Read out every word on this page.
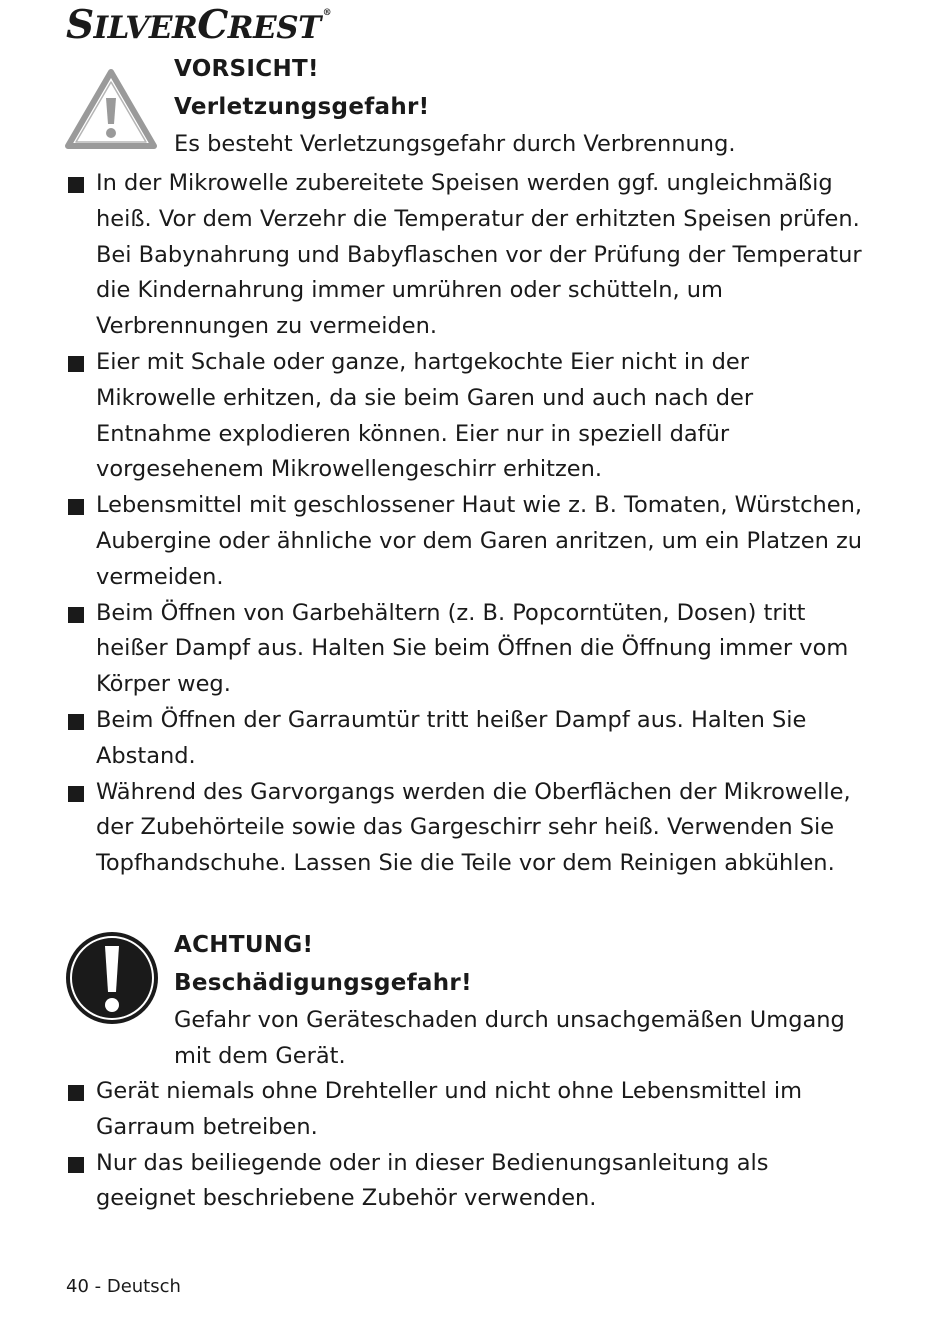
SILVERCREST ®
VORSICHT!
Verletzungsgefahr!
Es besteht Verletzungsgefahr durch Verbrennung.
In der Mikrowelle zubereitete Speisen werden ggf. ungleichmäßig heiß. Vor dem Verzehr die Temperatur der erhitzten Speisen prüfen. Bei Babynahrung und Babyflaschen vor der Prüfung der Temperatur die Kindernahrung immer umrühren oder schütteln, um Verbrennungen zu vermeiden.
Eier mit Schale oder ganze, hartgekochte Eier nicht in der Mikrowelle erhitzen, da sie beim Garen und auch nach der Entnahme explodieren können. Eier nur in speziell dafür vorgesehenem Mikrowellengeschirr erhitzen.
Lebensmittel mit geschlossener Haut wie z. B. Tomaten, Würstchen, Aubergine oder ähnliche vor dem Garen anritzen, um ein Platzen zu vermeiden.
Beim Öffnen von Garbehältern (z. B. Popcorntüten, Dosen) tritt heißer Dampf aus. Halten Sie beim Öffnen die Öffnung immer vom Körper weg.
Beim Öffnen der Garraumtür tritt heißer Dampf aus. Halten Sie Abstand.
Während des Garvorgangs werden die Oberflächen der Mikrowelle, der Zubehörteile sowie das Gargeschirr sehr heiß. Verwenden Sie Topfhandschuhe. Lassen Sie die Teile vor dem Reinigen abkühlen.
ACHTUNG!
Beschädigungsgefahr!
Gefahr von Geräteschaden durch unsachgemäßen Umgang mit dem Gerät.
Gerät niemals ohne Drehteller und nicht ohne Lebensmittel im Garraum betreiben.
Nur das beiliegende oder in dieser Bedienungsanleitung als geeignet beschriebene Zubehör verwenden.
40 - Deutsch
